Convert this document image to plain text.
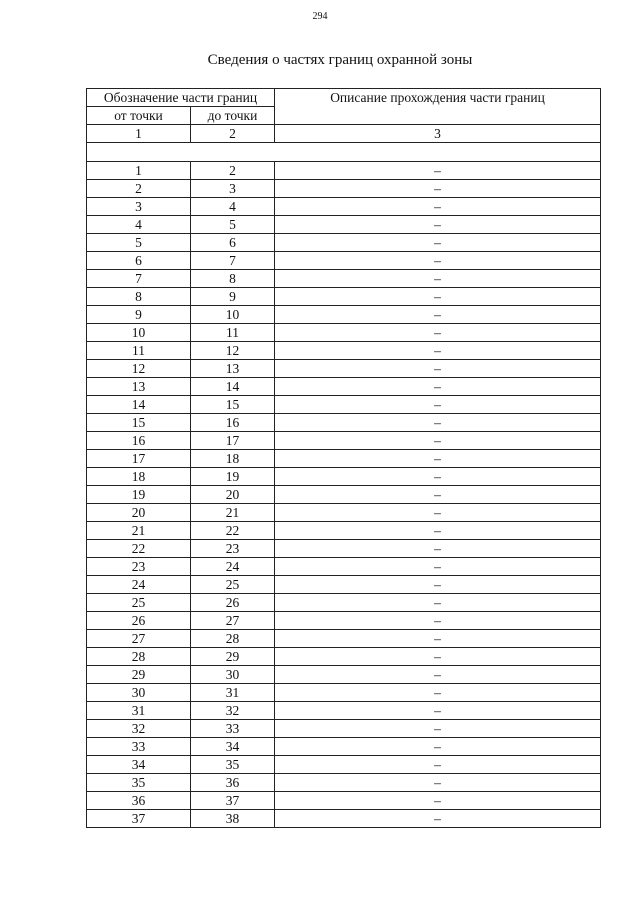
294
Сведения о частях границ охранной зоны
Обозначение части границ		Описание прохождения части границ
от точки	до точки	
1	2	3

1	2	–
2	3	–
3	4	–
4	5	–
5	6	–
6	7	–
7	8	–
8	9	–
9	10	–
10	11	–
11	12	–
12	13	–
13	14	–
14	15	–
15	16	–
16	17	–
17	18	–
18	19	–
19	20	–
20	21	–
21	22	–
22	23	–
23	24	–
24	25	–
25	26	–
26	27	–
27	28	–
28	29	–
29	30	–
30	31	–
31	32	–
32	33	–
33	34	–
34	35	–
35	36	–
36	37	–
37	38	–
